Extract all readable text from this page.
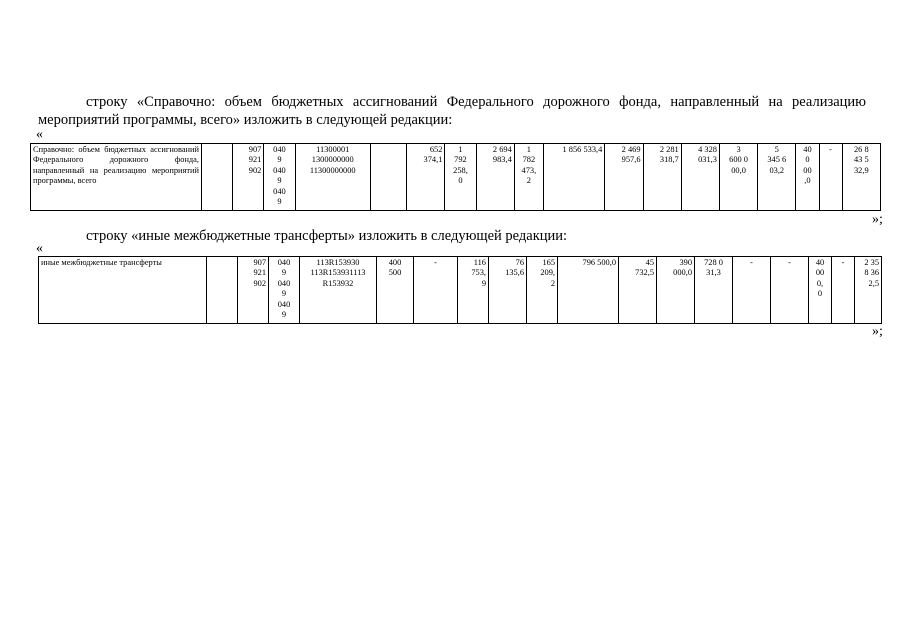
строку «Справочно: объем бюджетных ассигнований Федерального дорожного фонда, направленный на реализацию мероприятий программы, всего» изложить в следующей редакции:
«
Справочно: объем бюджетных ассигнований Федерального дорожного фонда, направленный на реализацию мероприятий программы, всего		907
921
902	040
9
040
9
040
9	11300001
1300000000
11300000000		652
374,1	1
792
258,
0	2 694
983,4	1
782
473,
2	1 856 533,4	2 469
957,6	2 281
318,7	4 328
031,3	3
600 0
00,0	5
345 6
03,2	40
0
00
,0	-	26 8
43 5
32,9
»;
строку «иные межбюджетные трансферты» изложить в следующей редакции:
«
иные межбюджетные трансферты		907
921
902	040
9
040
9
040
9	113R153930
113R153931113
R153932	400
500	-	116
753,
9	76
135,6	165
209,
2	796 500,0	45
732,5	390
000,0	728 0
31,3	-	-	40
00
0,
0	-	2 35
8 36
2,5
»;
